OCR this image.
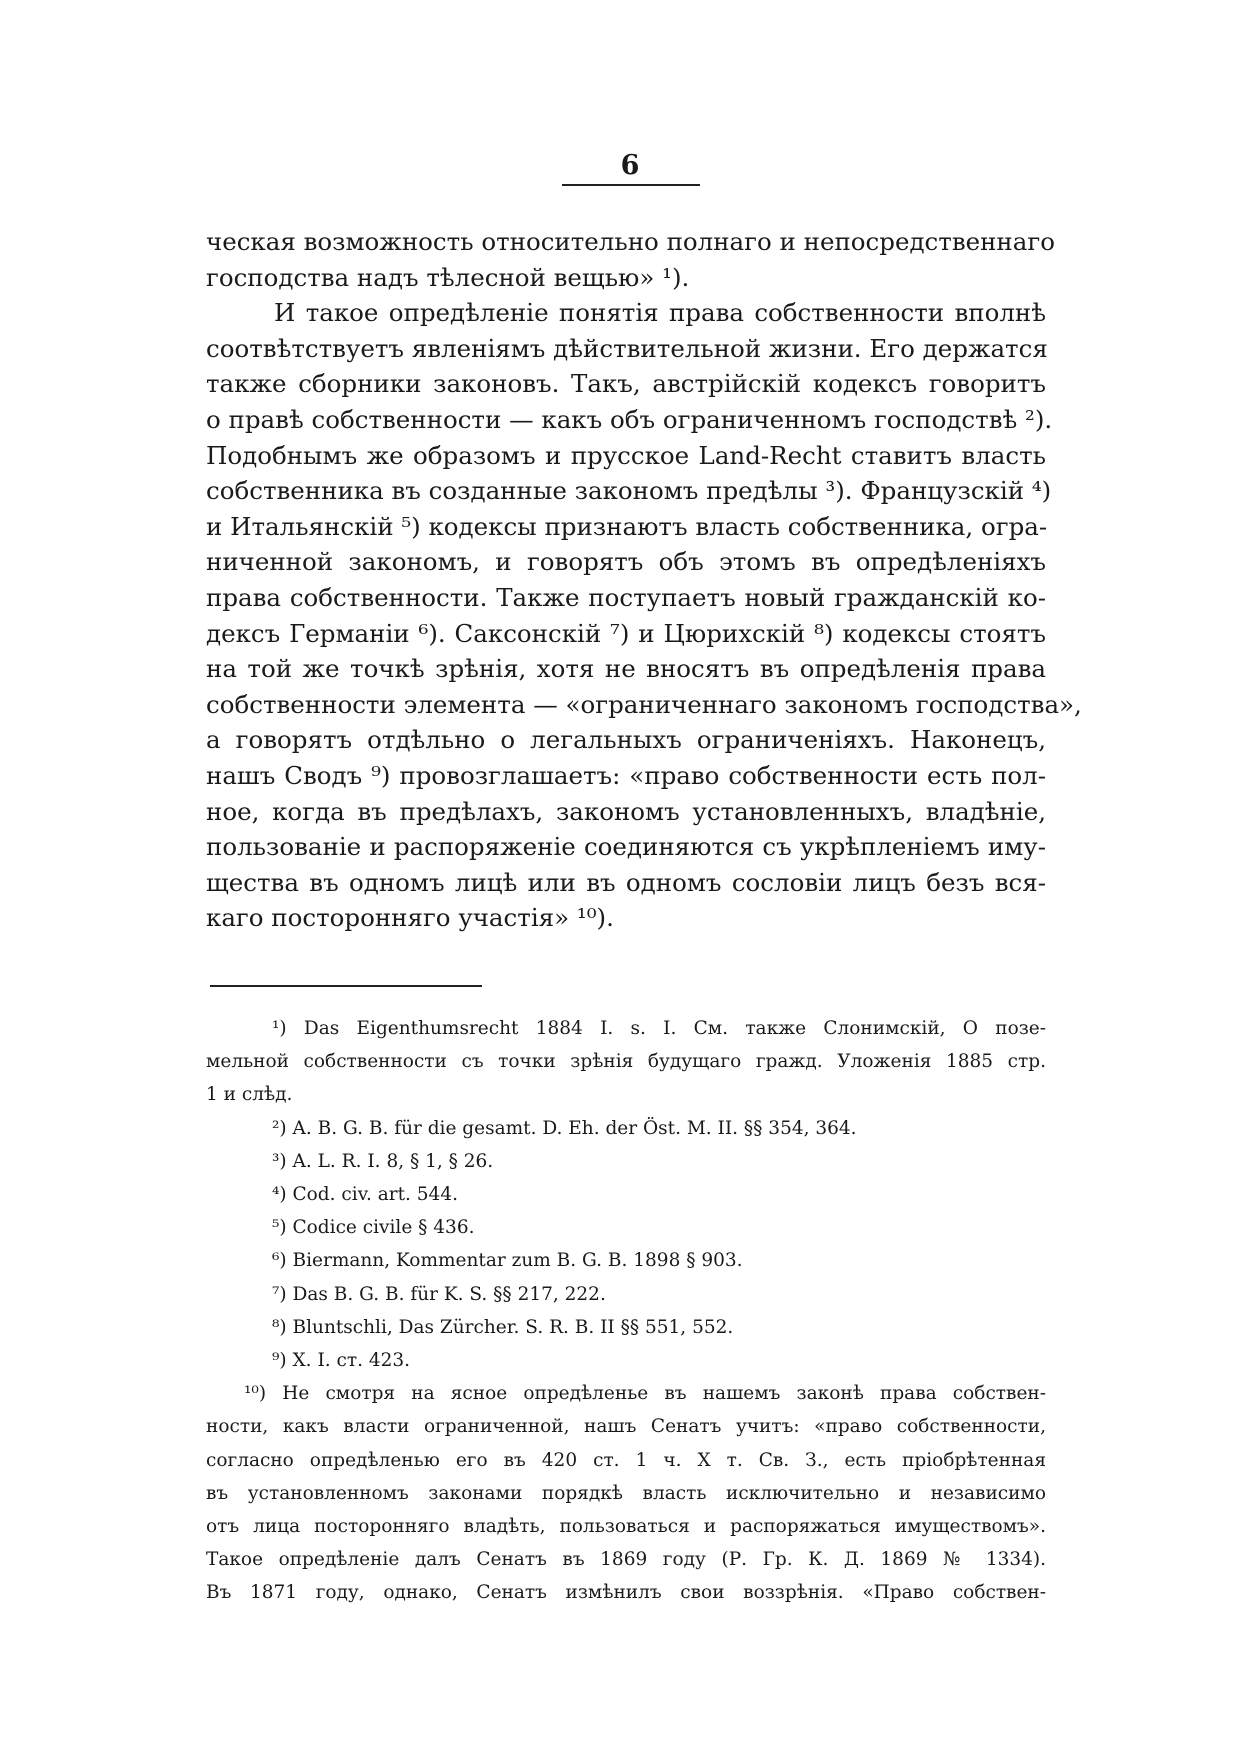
6
ческая возможность относительно полнаго и непосредственнаго
господства надъ тѣлесной вещью» ¹).
И такое опредѣленіе понятія права собственности вполнѣ
соотвѣтствуетъ явленіямъ дѣйствительной жизни. Его держатся
также сборники законовъ. Такъ, австрійскій кодексъ говоритъ
о правѣ собственности — какъ объ ограниченномъ господствѣ ²).
Подобнымъ же образомъ и прусское Land-Recht ставитъ власть
собственника въ созданные закономъ предѣлы ³). Французскій ⁴)
и Итальянскій ⁵) кодексы признаютъ власть собственника, огра-
ниченной закономъ, и говорятъ объ этомъ въ опредѣленіяхъ
права собственности. Также поступаетъ новый гражданскій ко-
дексъ Германіи ⁶). Саксонскій ⁷) и Цюрихскій ⁸) кодексы стоятъ
на той же точкѣ зрѣнія, хотя не вносятъ въ опредѣленія права
собственности элемента — «ограниченнаго закономъ господства»,
а говорятъ отдѣльно о легальныхъ ограниченіяхъ. Наконецъ,
нашъ Сводъ ⁹) провозглашаетъ: «право собственности есть пол-
ное, когда въ предѣлахъ, закономъ установленныхъ, владѣніе,
пользованіе и распоряженіе соединяются съ укрѣпленіемъ иму-
щества въ одномъ лицѣ или въ одномъ сословіи лицъ безъ вся-
каго посторонняго участія» ¹⁰).
¹) Das Eigenthumsrecht 1884 I. s. I. См. также Слонимскій, О позе-
мельной собственности съ точки зрѣнія будущаго гражд. Уложенія 1885 стр.
1 и слѣд.
²) A. B. G. B. für die gesamt. D. Eh. der Öst. M. II. §§ 354, 364.
³) A. L. R. I. 8, § 1, § 26.
⁴) Cod. civ. art. 544.
⁵) Codice civile § 436.
⁶) Biermann, Kommentar zum B. G. B. 1898 § 903.
⁷) Das B. G. B. für K. S. §§ 217, 222.
⁸) Bluntschli, Das Zürcher. S. R. B. II §§ 551, 552.
⁹) X. I. ст. 423.
¹⁰) Не смотря на ясное опредѣленье въ нашемъ законѣ права собствен-
ности, какъ власти ограниченной, нашъ Сенатъ учитъ: «право собственности,
согласно опредѣленью его въ 420 ст. 1 ч. X т. Св. З., есть пріобрѣтенная
въ установленномъ законами порядкѣ власть исключительно и независимо
отъ лица посторонняго владѣть, пользоваться и распоряжаться имуществомъ».
Такое опредѣленіе далъ Сенатъ въ 1869 году (Р. Гр. К. Д. 1869 № 1334).
Въ 1871 году, однако, Сенатъ измѣнилъ свои воззрѣнія. «Право собствен-
